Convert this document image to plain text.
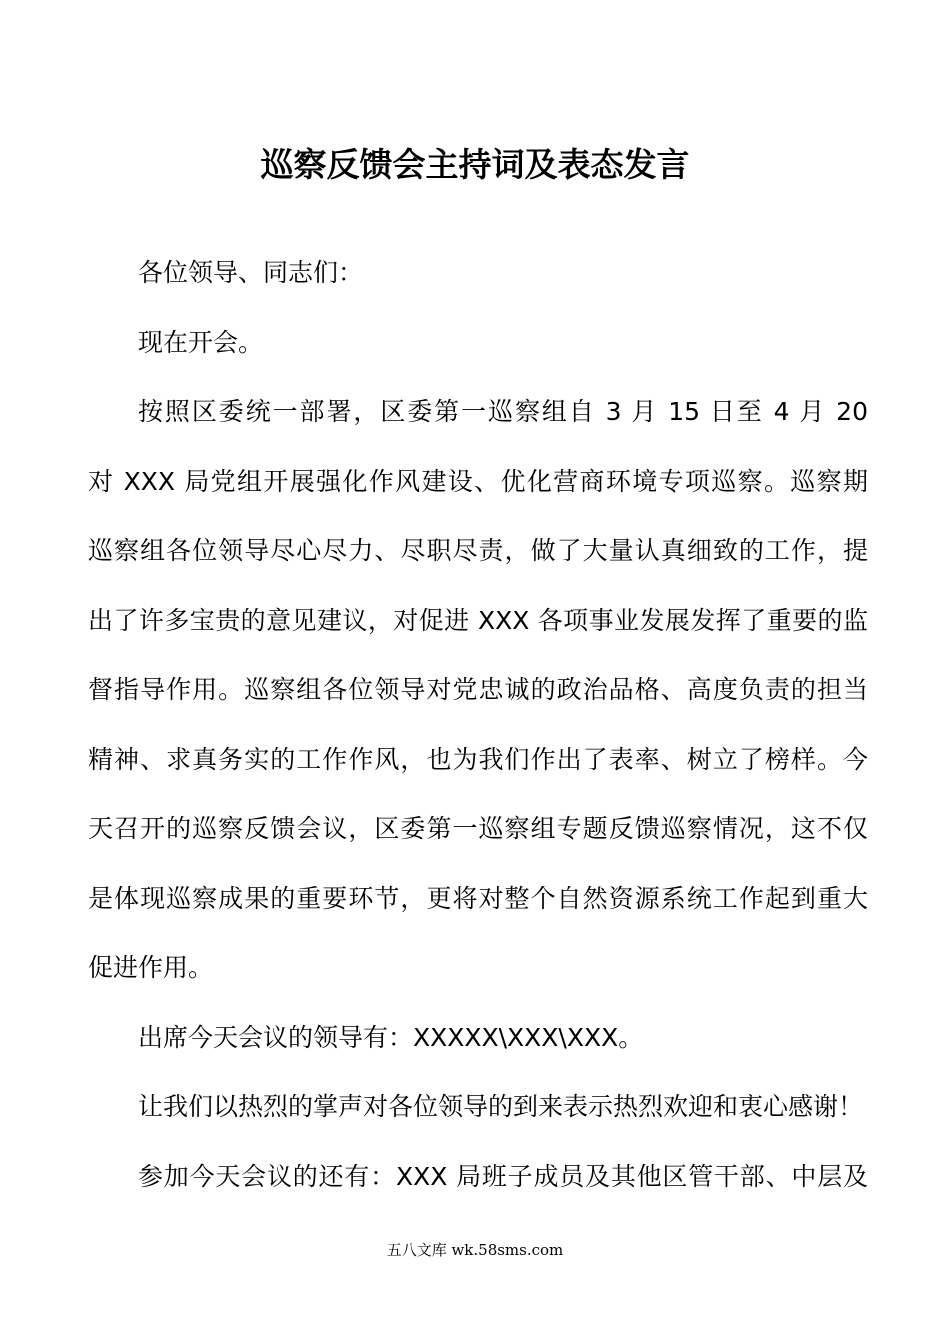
巡察反馈会主持词及表态发言
各位领导、同志们：
现在开会。
按照区委统一部署，区委第一巡察组自 3 月 15 日至 4 月 20
对 XXX 局党组开展强化作风建设、优化营商环境专项巡察。巡察期
巡察组各位领导尽心尽力、尽职尽责，做了大量认真细致的工作，提
出了许多宝贵的意见建议，对促进 XXX 各项事业发展发挥了重要的监
督指导作用。巡察组各位领导对党忠诚的政治品格、高度负责的担当
精神、求真务实的工作作风，也为我们作出了表率、树立了榜样。今
天召开的巡察反馈会议，区委第一巡察组专题反馈巡察情况，这不仅
是体现巡察成果的重要环节，更将对整个自然资源系统工作起到重大
促进作用。
出席今天会议的领导有：XXXXX\XXX\XXX。
让我们以热烈的掌声对各位领导的到来表示热烈欢迎和衷心感谢！
参加今天会议的还有：XXX 局班子成员及其他区管干部、中层及
五八文库 wk.58sms.com
